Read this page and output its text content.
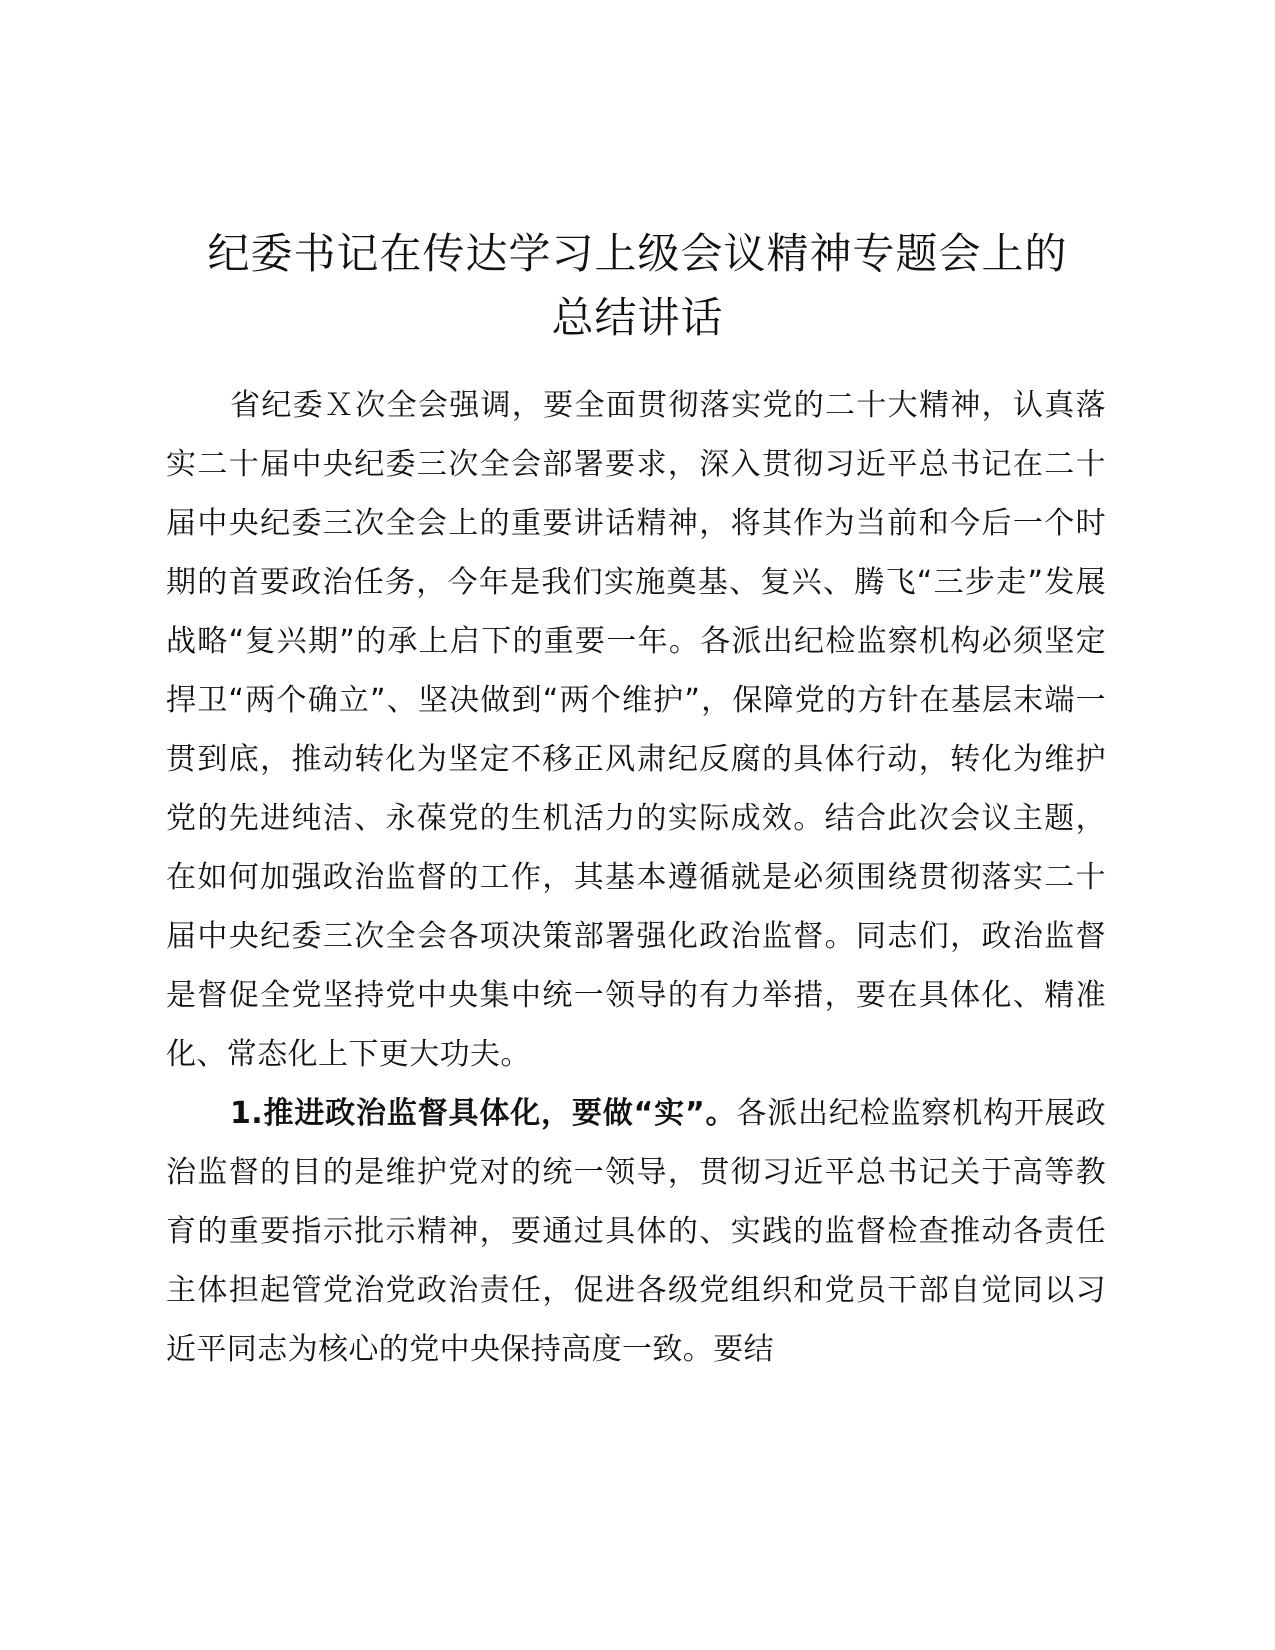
纪委书记在传达学习上级会议精神专题会上的
总结讲话

省纪委Ｘ次全会强调，要全面贯彻落实党的二十大精神，认真落实二十届中央纪委三次全会部署要求，深入贯彻习近平总书记在二十届中央纪委三次全会上的重要讲话精神，将其作为当前和今后一个时期的首要政治任务，今年是我们实施奠基、复兴、腾飞“三步走”发展战略“复兴期”的承上启下的重要一年。各派出纪检监察机构必须坚定捍卫“两个确立”、坚决做到“两个维护”，保障党的方针在基层末端一贯到底，推动转化为坚定不移正风肃纪反腐的具体行动，转化为维护党的先进纯洁、永葆党的生机活力的实际成效。结合此次会议主题，在如何加强政治监督的工作，其基本遵循就是必须围绕贯彻落实二十届中央纪委三次全会各项决策部署强化政治监督。同志们，政治监督是督促全党坚持党中央集中统一领导的有力举措，要在具体化、精准化、常态化上下更大功夫。

1.推进政治监督具体化，要做“实”。各派出纪检监察机构开展政治监督的目的是维护党对的统一领导，贯彻习近平总书记关于高等教育的重要指示批示精神，要通过具体的、实践的监督检查推动各责任主体担起管党治党政治责任，促进各级党组织和党员干部自觉同以习近平同志为核心的党中央保持高度一致。要结
